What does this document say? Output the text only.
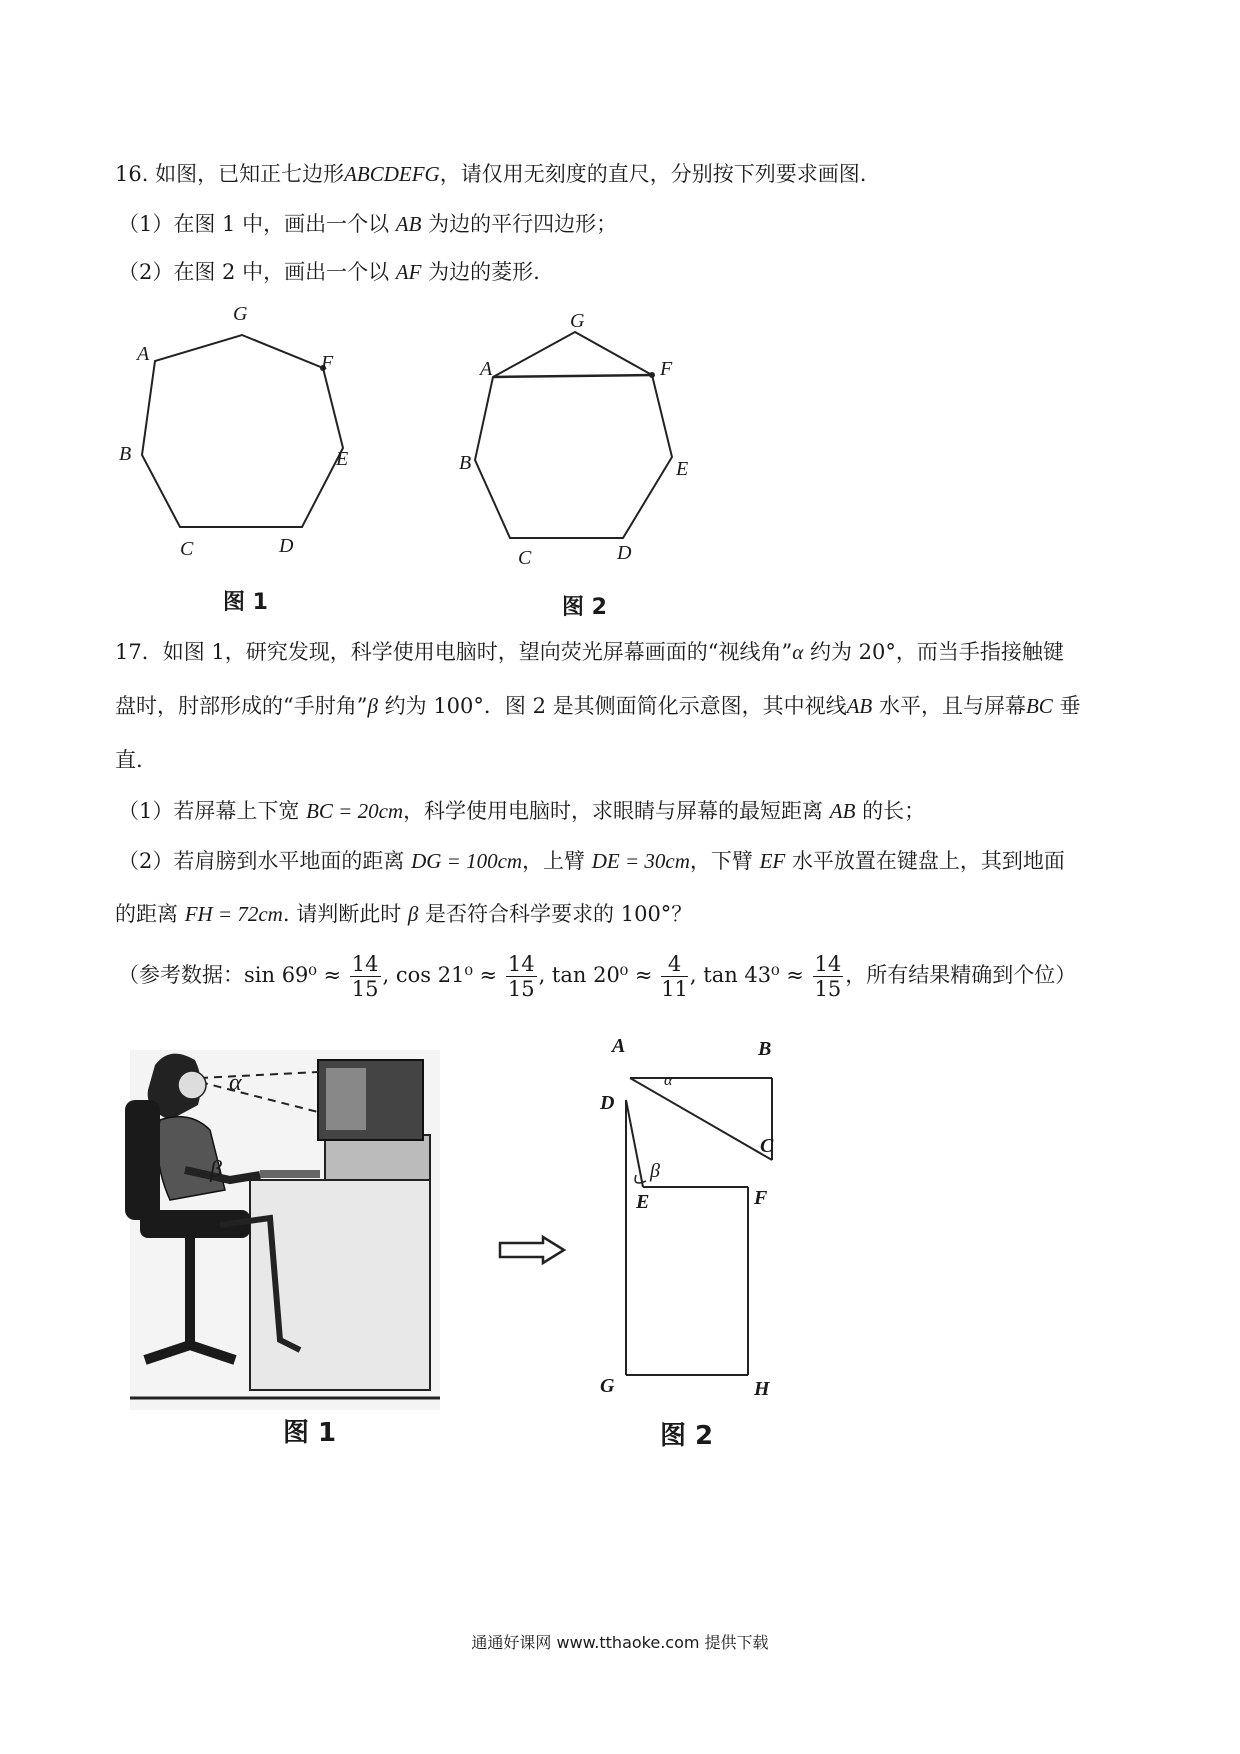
16. 如图，已知正七边形ABCDEFG，请仅用无刻度的直尺，分别按下列要求画图.
（1）在图 1 中，画出一个以 AB 为边的平行四边形；
（2）在图 2 中，画出一个以 AF 为边的菱形.
A
B
C	D
E
F
G
图 1
A
B
C	D
E
F
G
图 2
17．如图 1，研究发现，科学使用电脑时，望向荧光屏幕画面的“视线角”α 约为 20°，而当手指接触键
盘时，肘部形成的“手肘角”β 约为 100°．图 2 是其侧面简化示意图，其中视线AB 水平，且与屏幕BC 垂
直.
（1）若屏幕上下宽 BC = 20cm，科学使用电脑时，求眼睛与屏幕的最短距离 AB 的长；
（2）若肩膀到水平地面的距离 DG = 100cm，上臂 DE = 30cm，下臂 EF 水平放置在键盘上，其到地面
的距离 FH = 72cm. 请判断此时 β 是否符合科学要求的 100°？
（参考数据：$\sin 69^0 \approx \frac{14}{15}$ , $\cos 21^0 \approx \frac{14}{15}$ , $\tan 20^0 \approx \frac{4}{11}$ , $\tan 43^0 \approx \frac{14}{15}$ ，所有结果精确到个位）
α
β
A	B
C
D
E	F
G	H
α
β
图 1	图 2
通通好课网 www.tthaoke.com 提供下载
